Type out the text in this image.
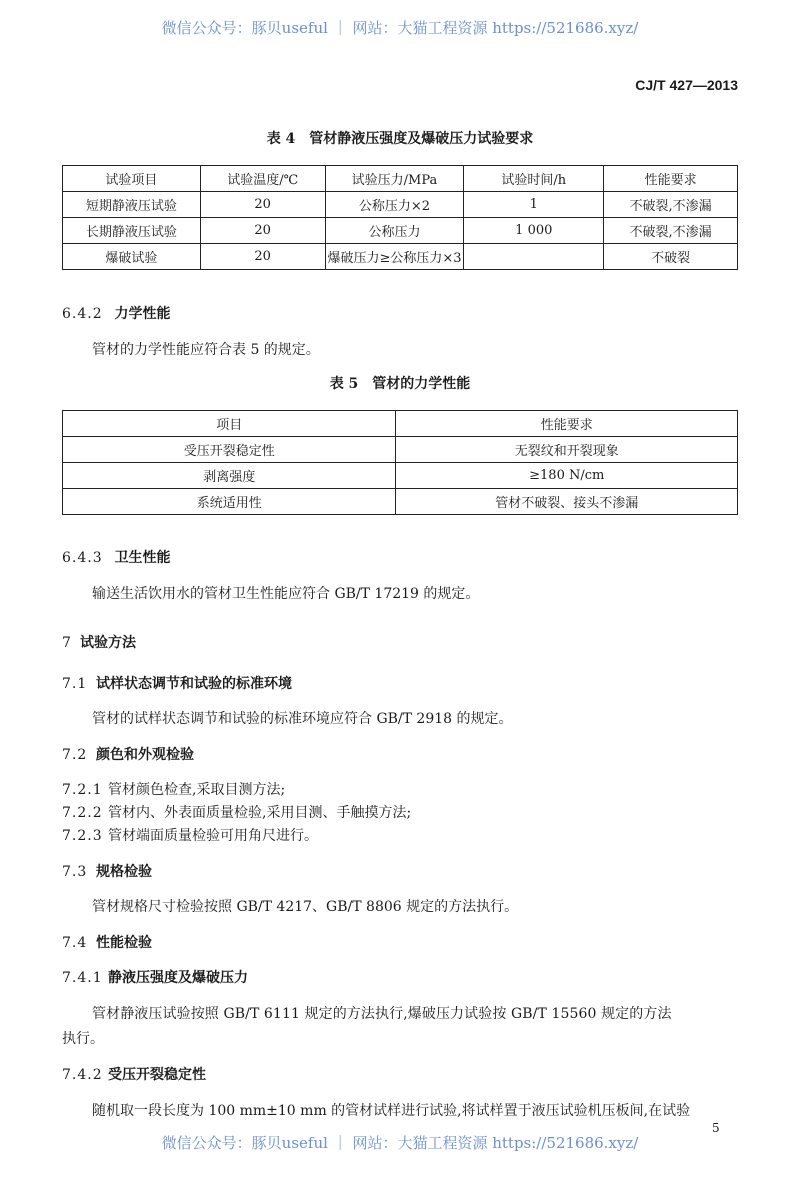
微信公众号：豚贝useful ｜ 网站：大猫工程资源 https://521686.xyz/
CJ/T 427—2013
表 4　管材静液压强度及爆破压力试验要求
试验项目	试验温度/℃	试验压力/MPa	试验时间/h	性能要求
短期静液压试验	20	公称压力×2	1	不破裂,不渗漏
长期静液压试验	20	公称压力	1 000	不破裂,不渗漏
爆破试验	20	爆破压力≥公称压力×3		不破裂
6.4.2 力学性能
管材的力学性能应符合表 5 的规定。
表 5　管材的力学性能
项目	性能要求
受压开裂稳定性	无裂纹和开裂现象
剥离强度	≥180 N/cm
系统适用性	管材不破裂、接头不渗漏
6.4.3 卫生性能
输送生活饮用水的管材卫生性能应符合 GB/T 17219 的规定。
7 试验方法
7.1 试样状态调节和试验的标准环境
管材的试样状态调节和试验的标准环境应符合 GB/T 2918 的规定。
7.2 颜色和外观检验
7.2.1 管材颜色检查,采取目测方法;
7.2.2 管材内、外表面质量检验,采用目测、手触摸方法;
7.2.3 管材端面质量检验可用角尺进行。
7.3 规格检验
管材规格尺寸检验按照 GB/T 4217、GB/T 8806 规定的方法执行。
7.4 性能检验
7.4.1 静液压强度及爆破压力
管材静液压试验按照 GB/T 6111 规定的方法执行,爆破压力试验按 GB/T 15560 规定的方法
执行。
7.4.2 受压开裂稳定性
随机取一段长度为 100 mm±10 mm 的管材试样进行试验,将试样置于液压试验机压板间,在试验
5
微信公众号：豚贝useful ｜ 网站：大猫工程资源 https://521686.xyz/
